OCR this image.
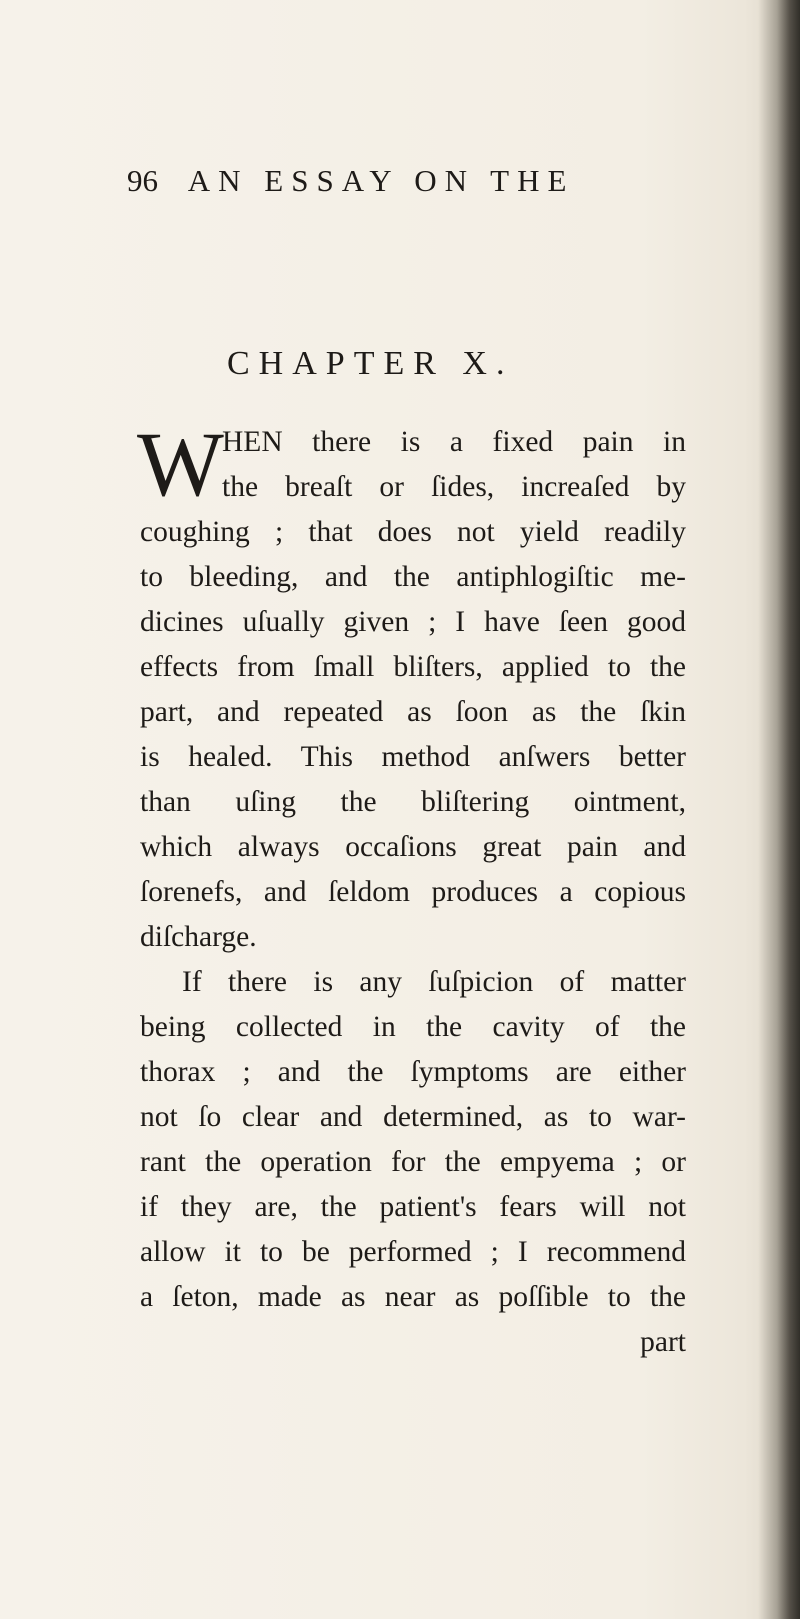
96 AN ESSAY ON THE
CHAPTER X.
W
HEN there is a fixed pain in
the breaſt or ſides, increaſed by
coughing ; that does not yield readily
to bleeding, and the antiphlogiſtic me-
dicines uſually given ; I have ſeen good
effects from ſmall bliſters, applied to the
part, and repeated as ſoon as the ſkin
is healed. This method anſwers better
than uſing the bliſtering ointment,
which always occaſions great pain and
ſorenefs, and ſeldom produces a copious
diſcharge.
If there is any ſuſpicion of matter
being collected in the cavity of the
thorax ; and the ſymptoms are either
not ſo clear and determined, as to war-
rant the operation for the empyema ; or
if they are, the patient's fears will not
allow it to be performed ; I recommend
a ſeton, made as near as poſſible to the
part
